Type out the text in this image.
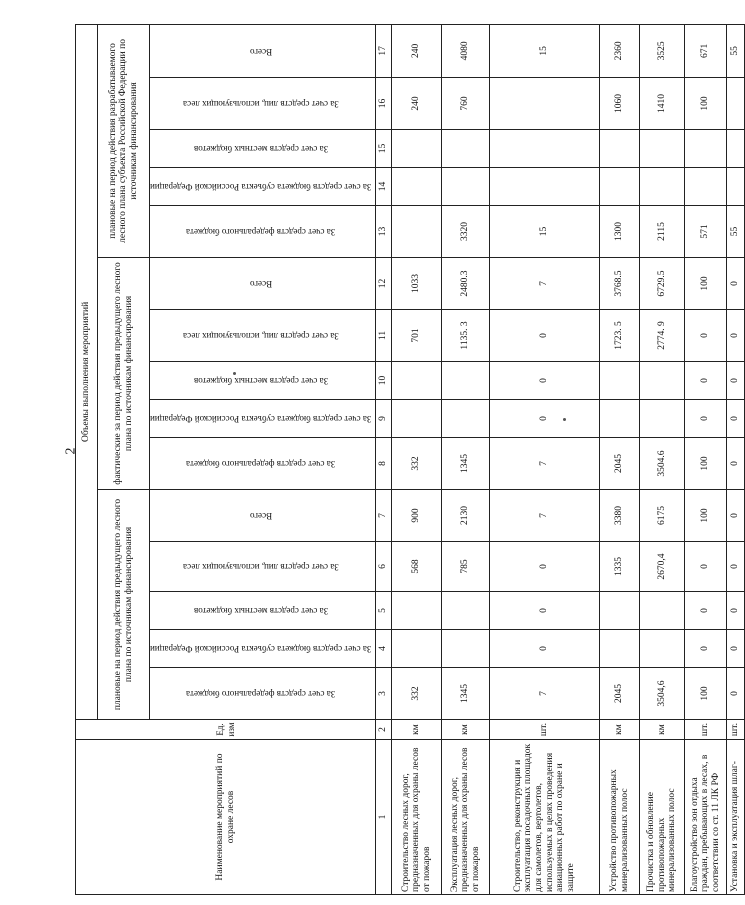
2
Наименование мероприятий по охране лесов	Ед. изм	Объемы выполнения мероприятий														
		плановые на период действия предыдущего лесного плана по источникам финансирования					фактические за период действия предыдущего лесного плана по источникам финансирования					плановые на период действия разрабатываемого лесного плана субъекта Российской Федерации по источникам финансирования				
		За счет средств федерального бюджета	За счет средств бюджета субъекта Российской Федерации	За счет средств местных бюджетов	За счет средств лиц, использующих леса	Всего	За счет средств федерального бюджета	За счет средств бюджета субъекта Российской Федерации	За счет средств местных бюджетов	За счет средств лиц, использующих леса	Всего	За счет средств федерального бюджета	За счет средств бюджета субъекта Российской Федерации	За счет средств местных бюджетов	За счет средств лиц, использующих леса	Всего
1	2	3	4	5	6	7	8	9	10	11	12	13	14	15	16	17
Строительство лесных дорог, предназначенных для охраны лесов от пожаров	км	332			568	900	332			701	1033				240	240
Эксплуатация лесных дорог, предназначенных для охраны лесов от пожаров	км	1345			785	2130	1345			1135. 3	2480.3	3320			760	4080
Строительство, реконструкция и эксплуатация посадочных площадок для самолетов, вертолетов, используемых в целях проведения авиационных работ по охране и защите	шт.	7	0	0	0	7	7	0	0	0	7	15				15
Устройство противопожарных минерализованных полос	км	2045			1335	3380	2045			1723. 5	3768.5	1300			1060	2360
Прочистка и обновление противопожарных минерализованных полос	км	3504,6			2670,4	6175	3504.6			2774. 9	6729.5	2115			1410	3525
Благоустройство зон отдыха граждан, пребывающих в лесах, в соответствии со ст. 11 ЛК РФ	шт.	100	0	0	0	100	100	0	0	0	100	571			100	671
Установка и эксплуатация шлаг-	шт.	0	0	0	0	0	0	0	0	0	0	55				55
